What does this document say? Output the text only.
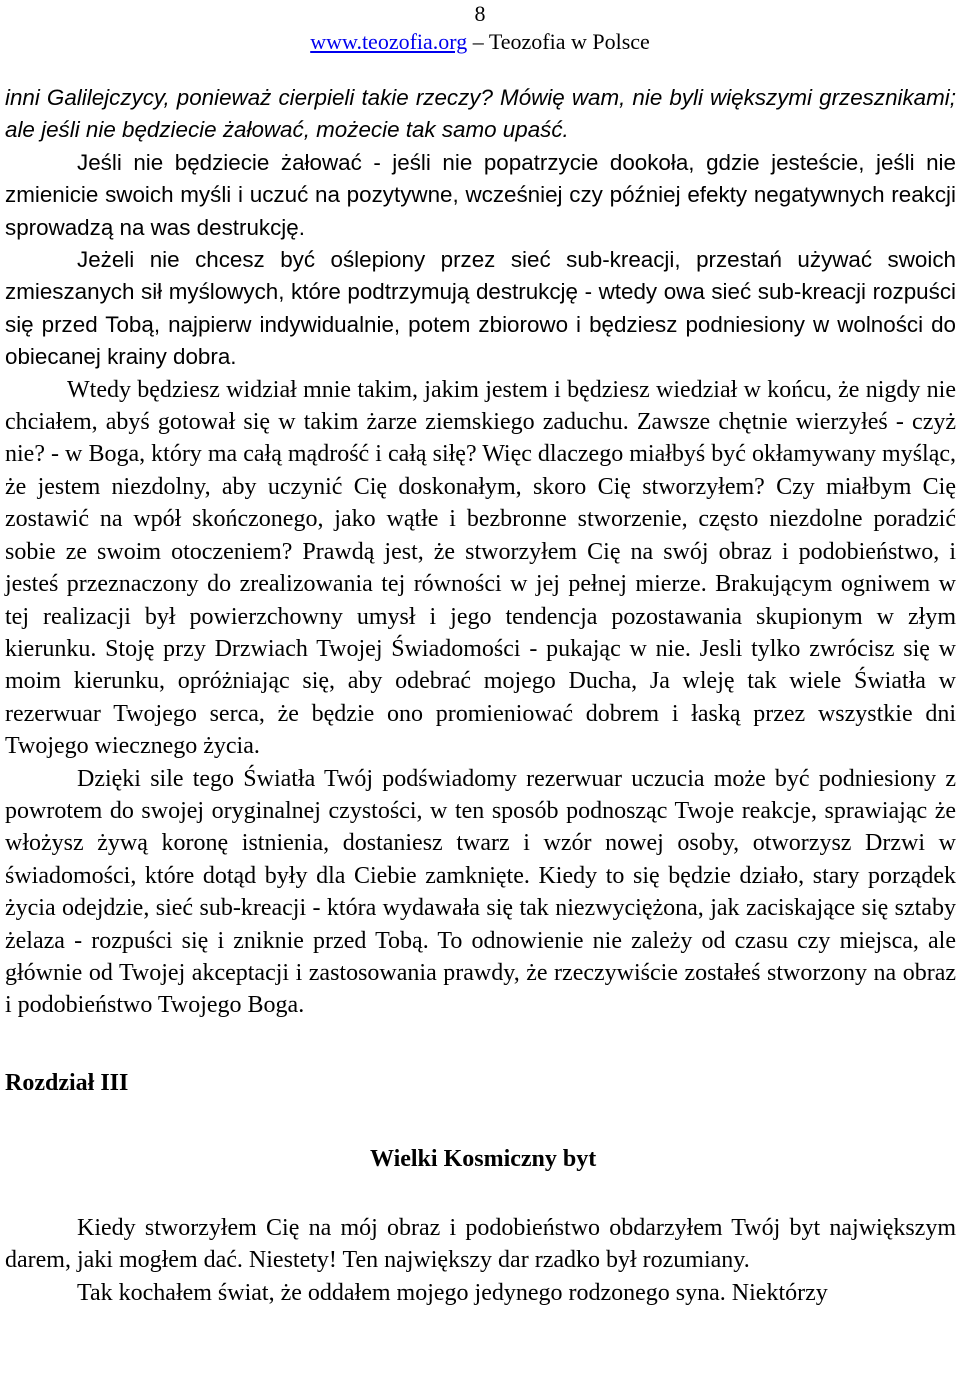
8
www.teozofia.org – Teozofia w Polsce

inni Galilejczycy, ponieważ cierpieli takie rzeczy? Mówię wam, nie byli większymi grzesznikami; ale jeśli nie będziecie żałować, możecie tak samo upaść.

Jeśli nie będziecie żałować - jeśli nie popatrzycie dookoła, gdzie jesteście, jeśli nie zmienicie swoich myśli i uczuć na pozytywne, wcześniej czy później efekty negatywnych reakcji sprowadzą na was destrukcję.

Jeżeli nie chcesz być oślepiony przez sieć sub-kreacji, przestań używać swoich zmieszanych sił myślowych, które podtrzymują destrukcję - wtedy owa sieć sub-kreacji rozpuści się przed Tobą, najpierw indywidualnie, potem zbiorowo i będziesz podniesiony w wolności do obiecanej krainy dobra.

Wtedy będziesz widział mnie takim, jakim jestem i będziesz wiedział w końcu, że nigdy nie chciałem, abyś gotował się w takim żarze ziemskiego zaduchu. Zawsze chętnie wierzyłeś - czyż nie? - w Boga, który ma całą mądrość i całą siłę? Więc dlaczego miałbyś być okłamywany myśląc, że jestem niezdolny, aby uczynić Cię doskonałym, skoro Cię stworzyłem? Czy miałbym Cię zostawić na wpół skończonego, jako wątłe i bezbronne stworzenie, często niezdolne poradzić sobie ze swoim otoczeniem? Prawdą jest, że stworzyłem Cię na swój obraz i podobieństwo, i jesteś przeznaczony do zrealizowania tej równości w jej pełnej mierze. Brakującym ogniwem w tej realizacji był powierzchowny umysł i jego tendencja pozostawania skupionym w złym kierunku. Stoję przy Drzwiach Twojej Świadomości - pukając w nie. Jesli tylko zwrócisz się w moim kierunku, opróżniając się, aby odebrać mojego Ducha, Ja wleję tak wiele Światła w rezerwuar Twojego serca, że będzie ono promieniować dobrem i łaską przez wszystkie dni Twojego wiecznego życia.

Dzięki sile tego Światła Twój podświadomy rezerwuar uczucia może być podniesiony z powrotem do swojej oryginalnej czystości, w ten sposób podnosząc Twoje reakcje, sprawiając że włożysz żywą koronę istnienia, dostaniesz twarz i wzór nowej osoby, otworzysz Drzwi w świadomości, które dotąd były dla Ciebie zamknięte. Kiedy to się będzie działo, stary porządek życia odejdzie, sieć sub-kreacji - która wydawała się tak niezwyciężona, jak zaciskające się sztaby żelaza - rozpuści się i zniknie przed Tobą. To odnowienie nie zależy od czasu czy miejsca, ale głównie od Twojej akceptacji i zastosowania prawdy, że rzeczywiście zostałeś stworzony na obraz i podobieństwo Twojego Boga.

Rozdział III
Wielki Kosmiczny byt

Kiedy stworzyłem Cię na mój obraz i podobieństwo obdarzyłem Twój byt największym darem, jaki mogłem dać. Niestety! Ten największy dar rzadko był rozumiany.

Tak kochałem świat, że oddałem mojego jedynego rodzonego syna. Niektórzy
